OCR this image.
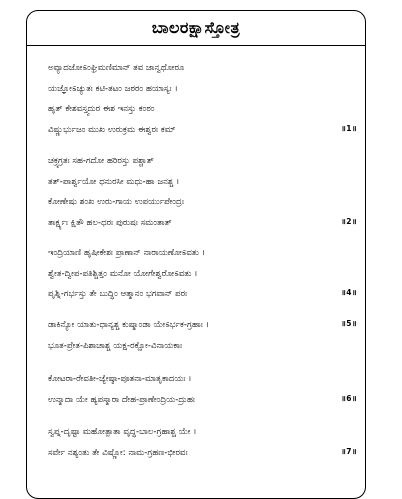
ಬಾಲರಕ್ಷಾಸ್ತೋತ್ರ
ಅವ್ಯಾದಜೋಽಂಘ್ರಿಮಣಿಮಾನ್ ತವ ಜಾನ್ವಥೋರೂ
ಯಜ್ಞೋಽಚ್ಯುತಃ ಕಟಿ-ತಟಂ ಜಠರಂ ಹಯಾಸ್ಯಃ ।
ಹೃತ್ ಕೇಶವಸ್ತ್ವದುರ ಈಶ ಇನಸ್ತು ಕಂಠಂ
ವಿಷ್ಣುರ್ಭುಜಂ ಮುಖ ಉರುಕ್ರಮ ಈಶ್ವರಃ ಕಮ್	॥1॥
ಚಕ್ರ್ಯಗ್ರತಃ ಸಹ-ಗದೋ ಹರಿರಸ್ತು ಪಶ್ಚಾತ್
ತತ್-ಪಾರ್ಶ್ವಯೋ ಧನುರಸೀ ಮಧು-ಹಾ ಜನಶ್ಚ ।
ಕೋಣೇಷು ಶಂಖ ಉರು-ಗಾಯ ಉಪರ್ಯುಪೇಂದ್ರಃ
ತಾರ್ಕ್ಷ್ಯಃ ಕ್ಷಿತೌ ಹಲ-ಧರಃ ಪುರುಷಃ ಸಮಂತಾತ್	॥2॥
ಇಂದ್ರಿಯಾಣಿ ಹೃಷೀಕೇಶಃ ಪ್ರಾಣಾನ್ ನಾರಾಯಣೋಽವತು ।
ಶ್ವೇತ-ದ್ವೀಪ-ಪತಿಶ್ಚಿತ್ತಂ ಮನೋ ಯೋಗೇಶ್ವರೋಽವತು ।
ಪೃಶ್ನಿ-ಗರ್ಭಸ್ತು ತೇ ಬುದ್ಧಿಂ ಆತ್ಮಾನಂ ಭಗವಾನ್ ಪರಃ	॥4॥
ಡಾಕಿನ್ಯೋ ಯಾತು-ಧಾನ್ಯಶ್ಚ ಕುಷ್ಮಾಂಡಾ ಯೇಽರ್ಭಕ-ಗ್ರಹಾಃ ।	॥5॥
ಭೂತ-ಪ್ರೇತ-ಪಿಶಾಚಾಶ್ಚ ಯಕ್ಷ-ರಕ್ಷೋ-ವಿನಾಯಕಾಃ
ಕೋಟರಾ-ರೇವತೀ-ಜ್ಯೇಷ್ಠಾ-ಪೂತನಾ-ಮಾತೃಕಾದಯಃ ।
ಉನ್ಮಾದಾ ಯೇ ಹ್ಯಪಸ್ಮಾರಾ ದೇಹ-ಪ್ರಾಣೇಂದ್ರಿಯ-ದ್ರುಹಃ	॥6॥
ಸ್ವಪ್ನ-ದೃಷ್ಟಾ ಮಹೋತ್ಪಾತಾ ವೃದ್ಧ-ಬಾಲ-ಗ್ರಹಾಶ್ಚ ಯೇ ।
ಸರ್ವೇ ನಶ್ಯಂತು ತೇ ವಿಷ್ಣೋ: ನಾಮ-ಗ್ರಹಣ-ಭೀರವಃ	॥7॥
